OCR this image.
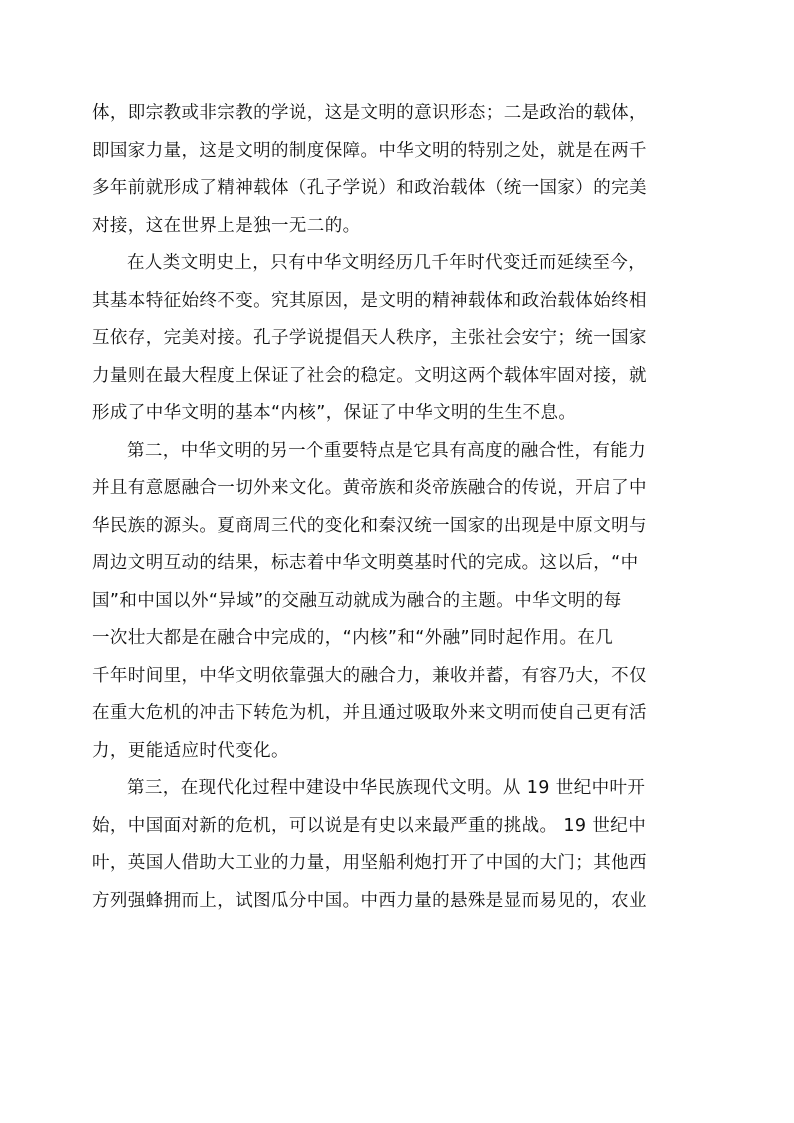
体，即宗教或非宗教的学说，这是文明的意识形态；二是政治的载体，
即国家力量，这是文明的制度保障。中华文明的特别之处，就是在两千
多年前就形成了精神载体（孔子学说）和政治载体（统一国家）的完美
对接，这在世界上是独一无二的。
在人类文明史上，只有中华文明经历几千年时代变迁而延续至今，
其基本特征始终不变。究其原因，是文明的精神载体和政治载体始终相
互依存，完美对接。孔子学说提倡天人秩序，主张社会安宁；统一国家
力量则在最大程度上保证了社会的稳定。文明这两个载体牢固对接，就
形成了中华文明的基本“内核”，保证了中华文明的生生不息。
第二，中华文明的另一个重要特点是它具有高度的融合性，有能力
并且有意愿融合一切外来文化。黄帝族和炎帝族融合的传说，开启了中
华民族的源头。夏商周三代的变化和秦汉统一国家的出现是中原文明与
周边文明互动的结果，标志着中华文明奠基时代的完成。这以后，“中
国”和中国以外“异域”的交融互动就成为融合的主题。中华文明的每
一次壮大都是在融合中完成的，“内核”和“外融”同时起作用。在几
千年时间里，中华文明依靠强大的融合力，兼收并蓄，有容乃大，不仅
在重大危机的冲击下转危为机，并且通过吸取外来文明而使自己更有活
力，更能适应时代变化。
第三，在现代化过程中建设中华民族现代文明。从 19 世纪中叶开
始，中国面对新的危机，可以说是有史以来最严重的挑战。 19 世纪中
叶，英国人借助大工业的力量，用坚船利炮打开了中国的大门；其他西
方列强蜂拥而上，试图瓜分中国。中西力量的悬殊是显而易见的，农业
